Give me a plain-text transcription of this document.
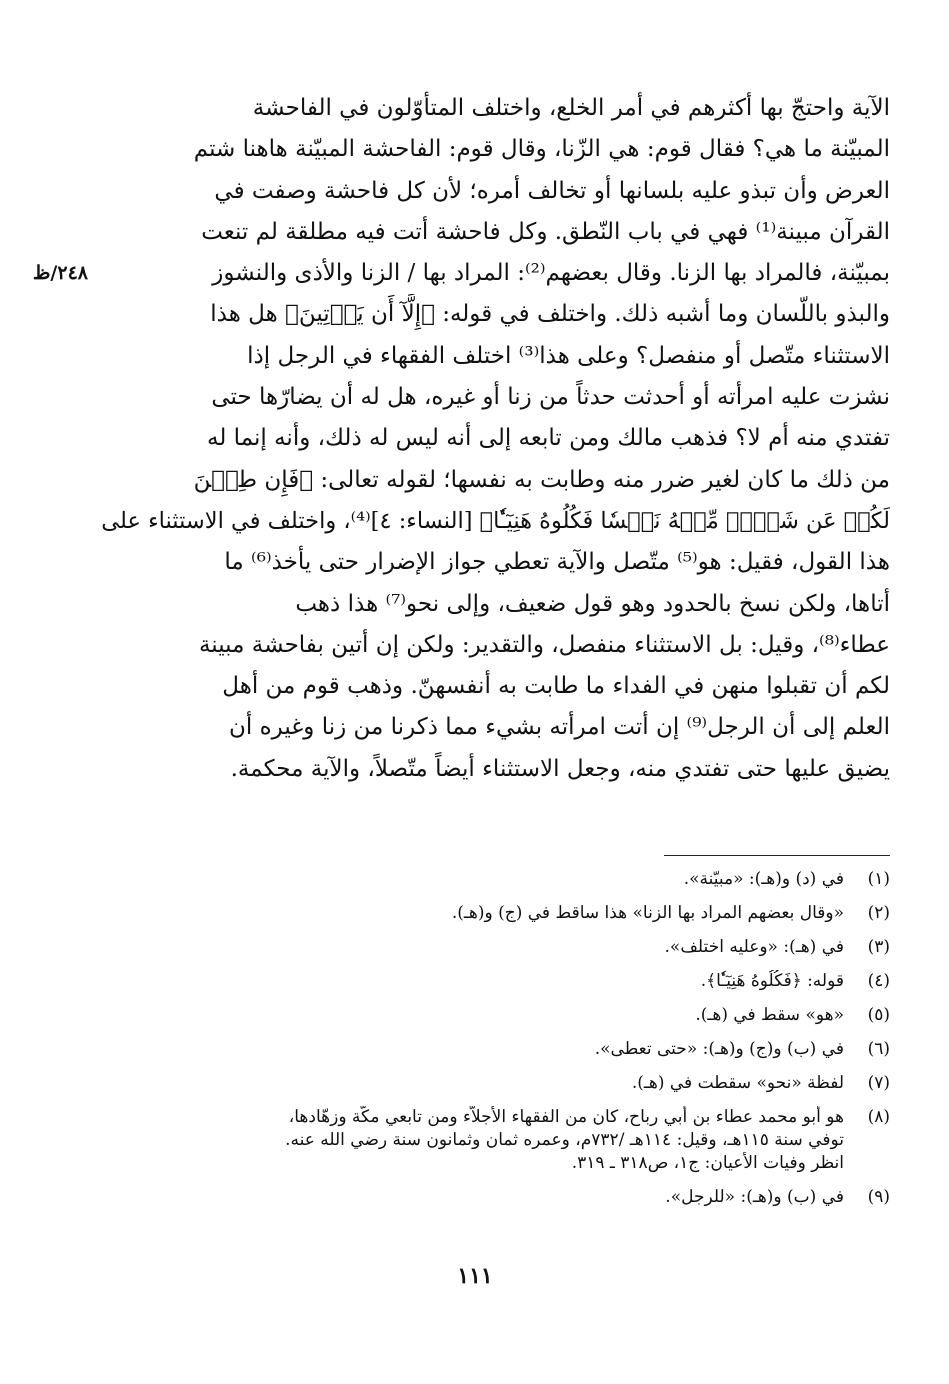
٢٤٨/ظ
الآية واحتجّ بها أكثرهم في أمر الخلع، واختلف المتأوّلون في الفاحشة
المبيّنة ما هي؟ فقال قوم: هي الزّنا، وقال قوم: الفاحشة المبيّنة هاهنا شتم
العرض وأن تبذو عليه بلسانها أو تخالف أمره؛ لأن كل فاحشة وصفت في
القرآن مبينة⁽¹⁾ فهي في باب النّطق. وكل فاحشة أتت فيه مطلقة لم تنعت
بمبيّنة، فالمراد بها الزنا. وقال بعضهم⁽²⁾: المراد بها / الزنا والأذى والنشوز
والبذو باللّسان وما أشبه ذلك. واختلف في قوله: ﴿إِلَّآ أَن يَأۡتِينَ﴾ هل هذا
الاستثناء متّصل أو منفصل؟ وعلى هذا⁽³⁾ اختلف الفقهاء في الرجل إذا
نشزت عليه امرأته أو أحدثت حدثاً من زنا أو غيره، هل له أن يضارّها حتى
تفتدي منه أم لا؟ فذهب مالك ومن تابعه إلى أنه ليس له ذلك، وأنه إنما له
من ذلك ما كان لغير ضرر منه وطابت به نفسها؛ لقوله تعالى: ﴿فَإِن طِبۡنَ
لَكُمۡ عَن شَيۡءٖ مِّنۡهُ نَفۡسٗا فَكُلُوهُ هَنِيٓـٔٗا﴾ [النساء: ٤]⁽⁴⁾، واختلف في الاستثناء على
هذا القول، فقيل: هو⁽⁵⁾ متّصل والآية تعطي جواز الإضرار حتى يأخذ⁽⁶⁾ ما
أتاها، ولكن نسخ بالحدود وهو قول ضعيف، وإلى نحو⁽⁷⁾ هذا ذهب
عطاء⁽⁸⁾، وقيل: بل الاستثناء منفصل، والتقدير: ولكن إن أتين بفاحشة مبينة
لكم أن تقبلوا منهن في الفداء ما طابت به أنفسهنّ. وذهب قوم من أهل
العلم إلى أن الرجل⁽⁹⁾ إن أتت امرأته بشيء مما ذكرنا من زنا وغيره أن
يضيق عليها حتى تفتدي منه، وجعل الاستثناء أيضاً متّصلاً، والآية محكمة.
(١)
في (د) و(هـ): «مبيّنة».
(٢)
«وقال بعضهم المراد بها الزنا» هذا ساقط في (ج) و(هـ).
(٣)
في (هـ): «وعليه اختلف».
(٤)
قوله: ﴿فَكُلُوهُ هَنِيٓـٔٗا﴾.
(٥)
«هو» سقط في (هـ).
(٦)
في (ب) و(ج) و(هـ): «حتى تعطى».
(٧)
لفظة «نحو» سقطت في (هـ).
(٨)
هو أبو محمد عطاء بن أبي رباح، كان من الفقهاء الأجلاّء ومن تابعي مكّة وزهّادها،
توفي سنة ١١٥هـ، وقيل: ١١٤هـ /٧٣٢م، وعمره ثمان وثمانون سنة رضي الله عنه.
انظر وفيات الأعيان: ج١، ص٣١٨ ـ ٣١٩.
(٩)
في (ب) و(هـ): «للرجل».
١١١
